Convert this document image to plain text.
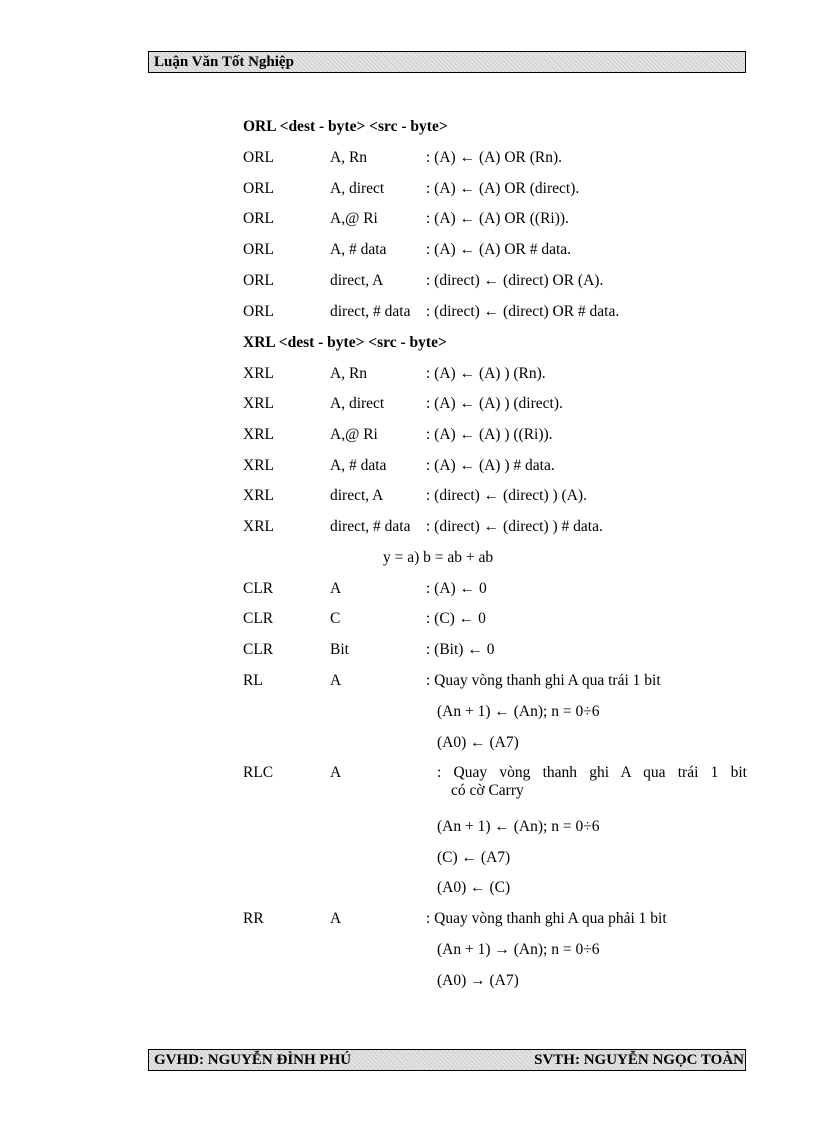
Luận Văn Tốt Nghiệp
ORL <dest - byte> <src - byte>
ORL	A, Rn	: (A) ← (A) OR (Rn).
ORL	A, direct	: (A) ← (A) OR (direct).
ORL	A,@ Ri	: (A) ← (A) OR ((Ri)).
ORL	A, # data	: (A) ← (A) OR # data.
ORL	direct, A	: (direct) ← (direct) OR (A).
ORL	direct, # data : (direct) ← (direct) OR # data.
XRL <dest - byte> <src - byte>
XRL	A, Rn	: (A) ← (A) ) (Rn).
XRL	A, direct	: (A) ← (A) ) (direct).
XRL	A,@ Ri	: (A) ← (A) ) ((Ri)).
XRL	A, # data	: (A) ← (A) ) # data.
XRL	direct, A	: (direct) ← (direct) ) (A).
XRL	direct, # data : (direct) ← (direct) ) # data.
y = a) b = ab + ab
CLR	A	: (A) ← 0
CLR	C	: (C) ← 0
CLR	Bit	: (Bit) ← 0
RL	A	: Quay vòng thanh ghi A qua trái 1 bit
(An + 1) ← (An); n = 0÷6
(A0) ← (A7)
RLC	A	: Quay vòng thanh ghi A qua trái 1 bit
có cờ Carry
(An + 1) ← (An); n = 0÷6
(C) ← (A7)
(A0) ← (C)
RR	A	: Quay vòng thanh ghi A qua phải 1 bit
(An + 1) → (An); n = 0÷6
(A0) → (A7)
GVHD: NGUYỄN ĐÌNH PHÚ	SVTH: NGUYỄN NGỌC TOÀN
